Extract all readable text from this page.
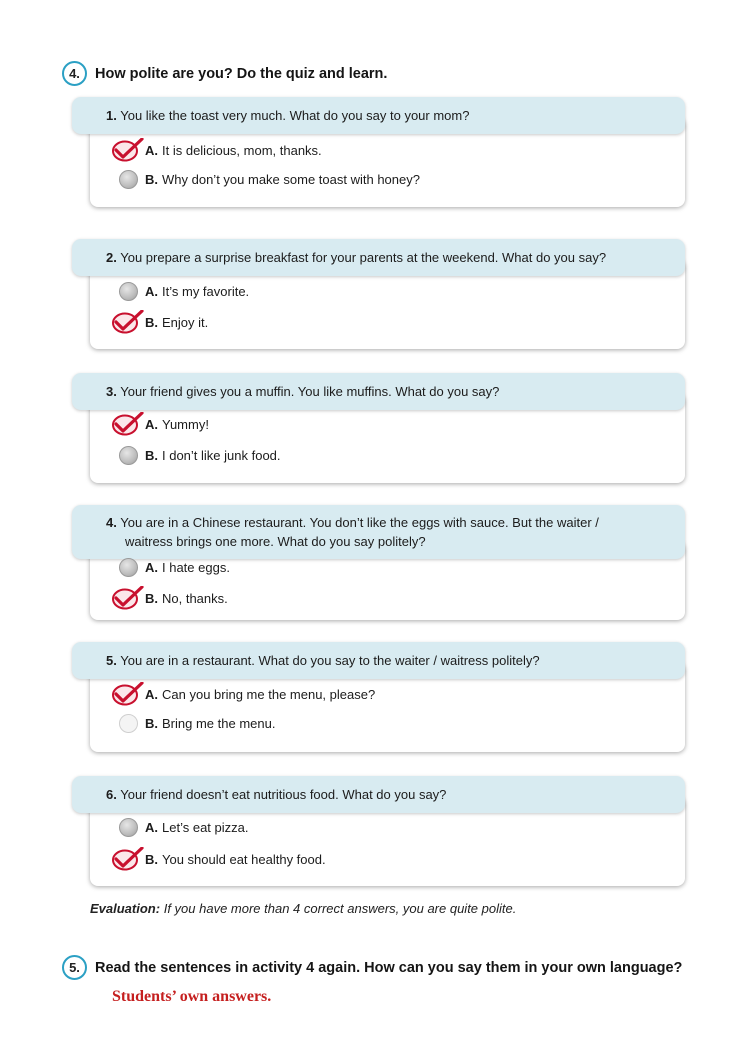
4.	How polite are you? Do the quiz and learn.
1. You like the toast very much. What do you say to your mom?
A. It is delicious, mom, thanks.
B. Why don’t you make some toast with honey?
2. You prepare a surprise breakfast for your parents at the weekend. What do you say?
A. It’s my favorite.
B. Enjoy it.
3. Your friend gives you a muffin. You like muffins. What do you say?
A. Yummy!
B. I don’t like junk food.
4. You are in a Chinese restaurant. You don’t like the eggs with sauce. But the waiter /
waitress brings one more. What do you say politely?
A. I hate eggs.
B. No, thanks.
5. You are in a restaurant. What do you say to the waiter / waitress politely?
A. Can you bring me the menu, please?
B. Bring me the menu.
6. Your friend doesn’t eat nutritious food. What do you say?
A. Let’s eat pizza.
B. You should eat healthy food.
Evaluation: If you have more than 4 correct answers, you are quite polite.
5.	Read the sentences in activity 4 again. How can you say them in your own language?
Students’ own answers.
